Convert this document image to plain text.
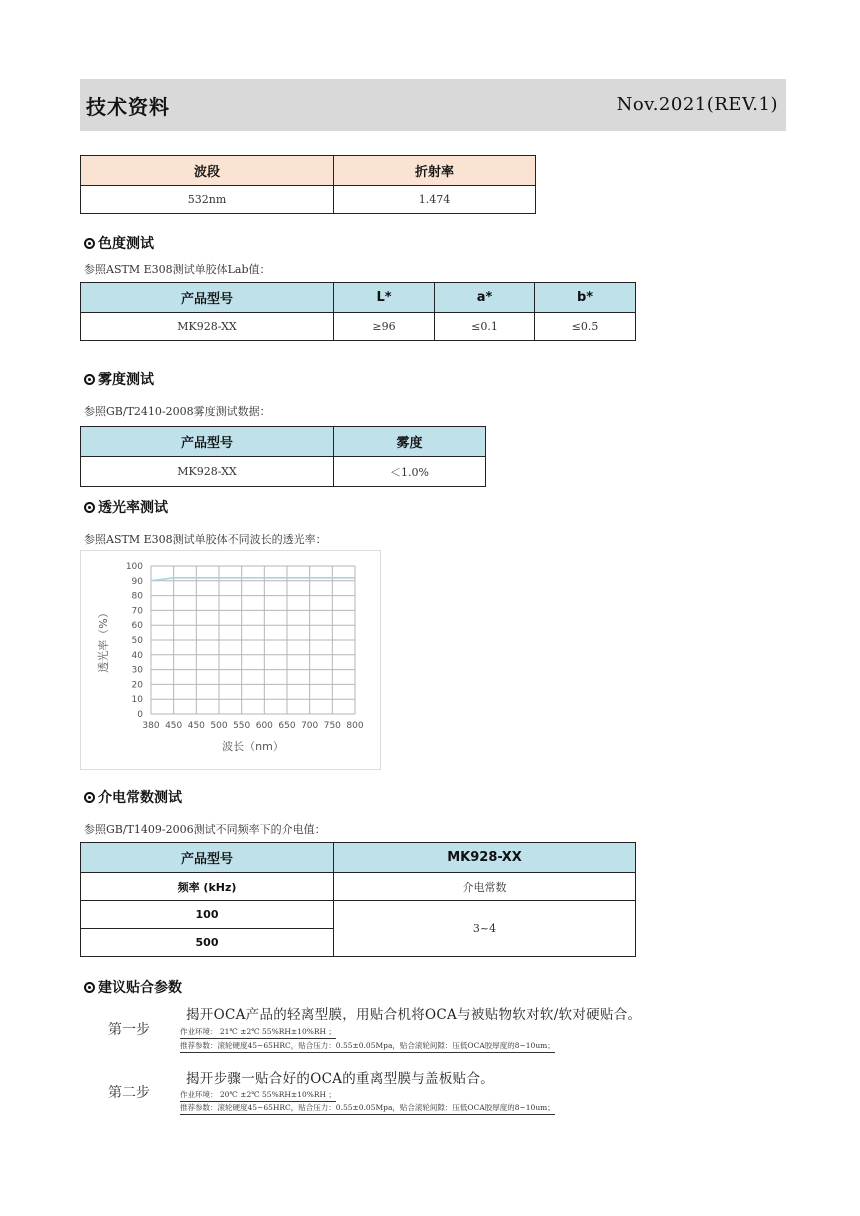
技术资料	Nov.2021(REV.1)
波段	折射率
532nm	1.474
色度测试
参照ASTM E308测试单胶体Lab值：
产品型号	L*	a*	b*
MK928-XX	≥96	≤0.1	≤0.5
雾度测试
参照GB/T2410-2008雾度测试数据：
产品型号	雾度
MK928-XX	＜1.0%
透光率测试
参照ASTM E308测试单胶体不同波长的透光率：
0
10
20
30
40
50
60
70
80
90
100
380 450 450 500 550 600 650 700 750 800
波长（nm）
透光率（%）
介电常数测试
参照GB/T1409-2006测试不同频率下的介电值：
产品型号	MK928-XX
频率 (kHz)	介电常数
100	3~4
500	
建议贴合参数
第一步
揭开OCA产品的轻离型膜，用贴合机将OCA与被贴物软对软/软对硬贴合。
作业环境： 21℃ ±2℃ 55%RH±10%RH ；
推荐参数：滚轮硬度45~65HRC，贴合压力：0.55±0.05Mpa，贴合滚轮间隙：压低OCA胶厚度的8~10um；
第二步
揭开步骤一贴合好的OCA的重离型膜与盖板贴合。
作业环境： 20℃ ±2℃ 55%RH±10%RH ；
推荐参数：滚轮硬度45~65HRC，贴合压力：0.55±0.05Mpa，贴合滚轮间隙：压低OCA胶厚度的8~10um；
